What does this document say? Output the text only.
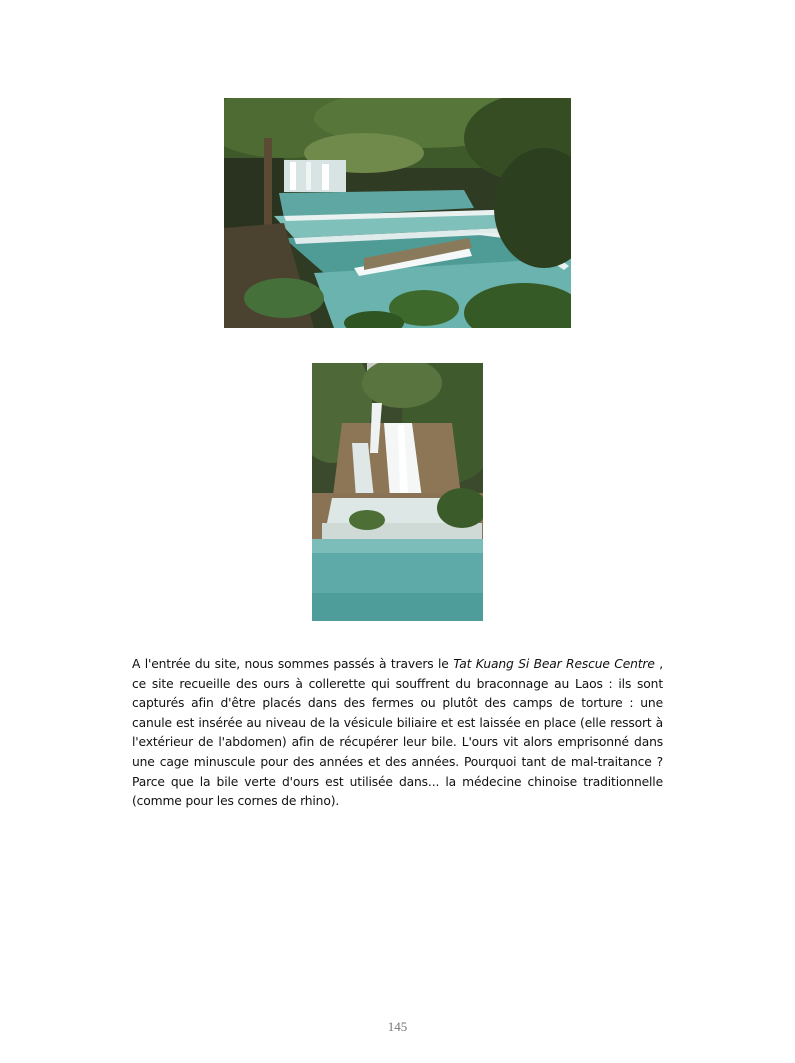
A l'entrée du site, nous sommes passés à travers le Tat Kuang Si Bear Rescue Centre , ce site recueille des ours à collerette qui souffrent du braconnage au Laos : ils sont capturés afin d'être placés dans des fermes ou plutôt des camps de torture : une canule est insérée au niveau de la vésicule biliaire et est laissée en place (elle ressort à l'extérieur de l'abdomen) afin de récupérer leur bile. L'ours vit alors emprisonné dans une cage minuscule pour des années et des années. Pourquoi tant de mal-traitance ? Parce que la bile verte d'ours est utilisée dans... la médecine chinoise traditionnelle (comme pour les cornes de rhino).
145
